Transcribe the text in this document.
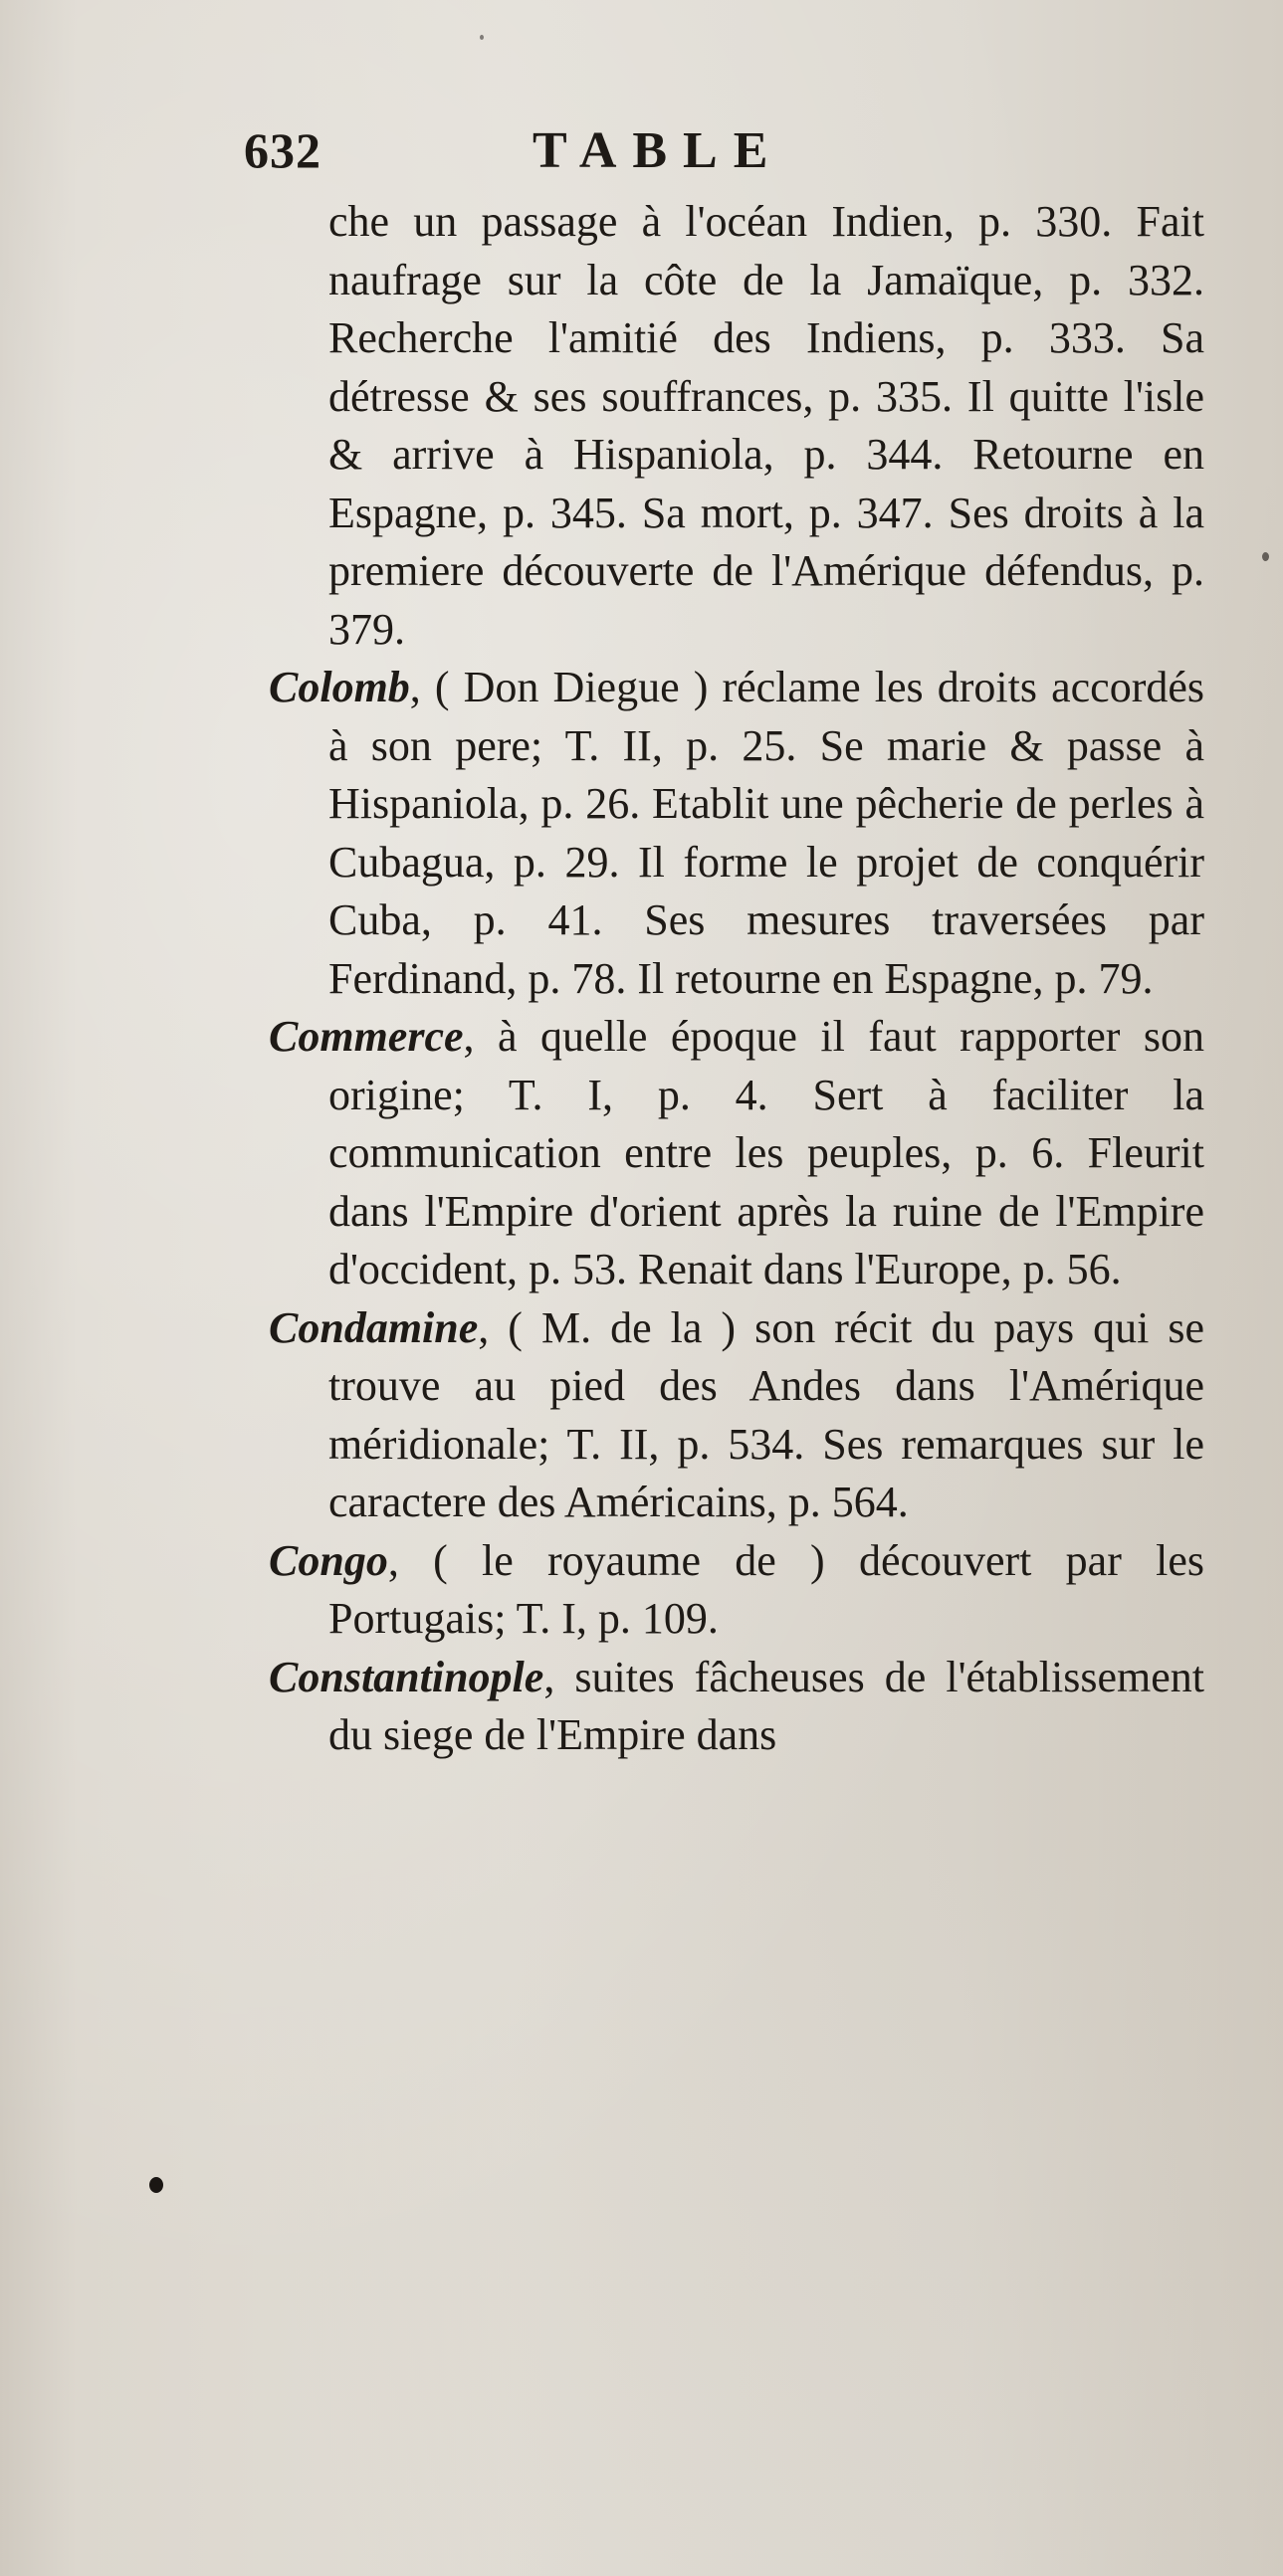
632	TABLE

che un passage à l'océan Indien, p. 330. Fait naufrage sur la côte de la Jamaïque, p. 332. Recherche l'amitié des Indiens, p. 333. Sa détresse & ses souffrances, p. 335. Il quitte l'isle & arrive à Hispaniola, p. 344. Retourne en Espagne, p. 345. Sa mort, p. 347. Ses droits à la premiere découverte de l'Amérique défendus, p. 379.

Colomb, ( Don Diegue ) réclame les droits accordés à son pere; T. II, p. 25. Se marie & passe à Hispaniola, p. 26. Etablit une pêcherie de perles à Cubagua, p. 29. Il forme le projet de conquérir Cuba, p. 41. Ses mesures traversées par Ferdinand, p. 78. Il retourne en Espagne, p. 79.

Commerce, à quelle époque il faut rapporter son origine; T. I, p. 4. Sert à faciliter la communication entre les peuples, p. 6. Fleurit dans l'Empire d'orient après la ruine de l'Empire d'occident, p. 53. Renait dans l'Europe, p. 56.

Condamine, ( M. de la ) son récit du pays qui se trouve au pied des Andes dans l'Amérique méridionale; T. II, p. 534. Ses remarques sur le caractere des Américains, p. 564.

Congo, ( le royaume de ) découvert par les Portugais; T. I, p. 109.

Constantinople, suites fâcheuses de l'établissement du siege de l'Empire dans
